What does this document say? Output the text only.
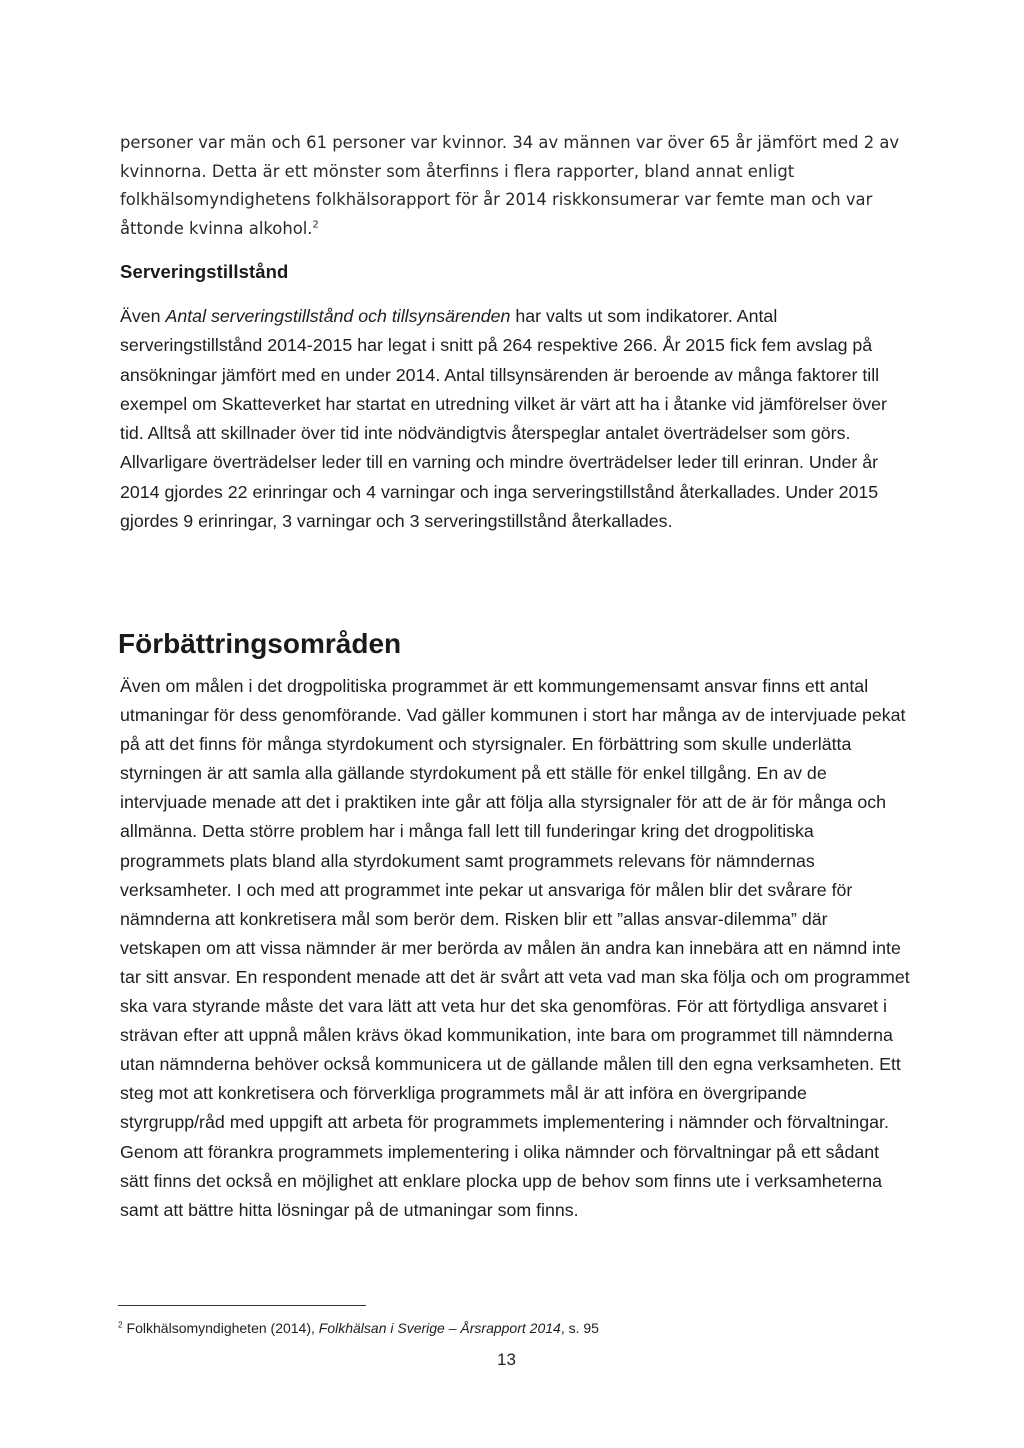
personer var män och 61 personer var kvinnor. 34 av männen var över 65 år jämfört med 2 av kvinnorna. Detta är ett mönster som återfinns i flera rapporter, bland annat enligt folkhälsomyndighetens folkhälsorapport för år 2014 riskkonsumerar var femte man och var åttonde kvinna alkohol.$^2$

Serveringstillstånd

Även Antal serveringstillstånd och tillsynsärenden har valts ut som indikatorer. Antal serveringstillstånd 2014-2015 har legat i snitt på 264 respektive 266. År 2015 fick fem avslag på ansökningar jämfört med en under 2014. Antal tillsynsärenden är beroende av många faktorer till exempel om Skatteverket har startat en utredning vilket är värt att ha i åtanke vid jämförelser över tid. Alltså att skillnader över tid inte nödvändigtvis återspeglar antalet överträdelser som görs. Allvarligare överträdelser leder till en varning och mindre överträdelser leder till erinran. Under år 2014 gjordes 22 erinringar och 4 varningar och inga serveringstillstånd återkallades. Under 2015 gjordes 9 erinringar, 3 varningar och 3 serveringstillstånd återkallades.

Förbättringsområden

Även om målen i det drogpolitiska programmet är ett kommungemensamt ansvar finns ett antal utmaningar för dess genomförande. Vad gäller kommunen i stort har många av de intervjuade pekat på att det finns för många styrdokument och styrsignaler. En förbättring som skulle underlätta styrningen är att samla alla gällande styrdokument på ett ställe för enkel tillgång. En av de intervjuade menade att det i praktiken inte går att följa alla styrsignaler för att de är för många och allmänna. Detta större problem har i många fall lett till funderingar kring det drogpolitiska programmets plats bland alla styrdokument samt programmets relevans för nämndernas verksamheter. I och med att programmet inte pekar ut ansvariga för målen blir det svårare för nämnderna att konkretisera mål som berör dem. Risken blir ett ”allas ansvar-dilemma” där vetskapen om att vissa nämnder är mer berörda av målen än andra kan innebära att en nämnd inte tar sitt ansvar. En respondent menade att det är svårt att veta vad man ska följa och om programmet ska vara styrande måste det vara lätt att veta hur det ska genomföras. För att förtydliga ansvaret i strävan efter att uppnå målen krävs ökad kommunikation, inte bara om programmet till nämnderna utan nämnderna behöver också kommunicera ut de gällande målen till den egna verksamheten. Ett steg mot att konkretisera och förverkliga programmets mål är att införa en övergripande styrgrupp/råd med uppgift att arbeta för programmets implementering i nämnder och förvaltningar. Genom att förankra programmets implementering i olika nämnder och förvaltningar på ett sådant sätt finns det också en möjlighet att enklare plocka upp de behov som finns ute i verksamheterna samt att bättre hitta lösningar på de utmaningar som finns.

$^2$ Folkhälsomyndigheten (2014), Folkhälsan i Sverige – Årsrapport 2014, s. 95

13
